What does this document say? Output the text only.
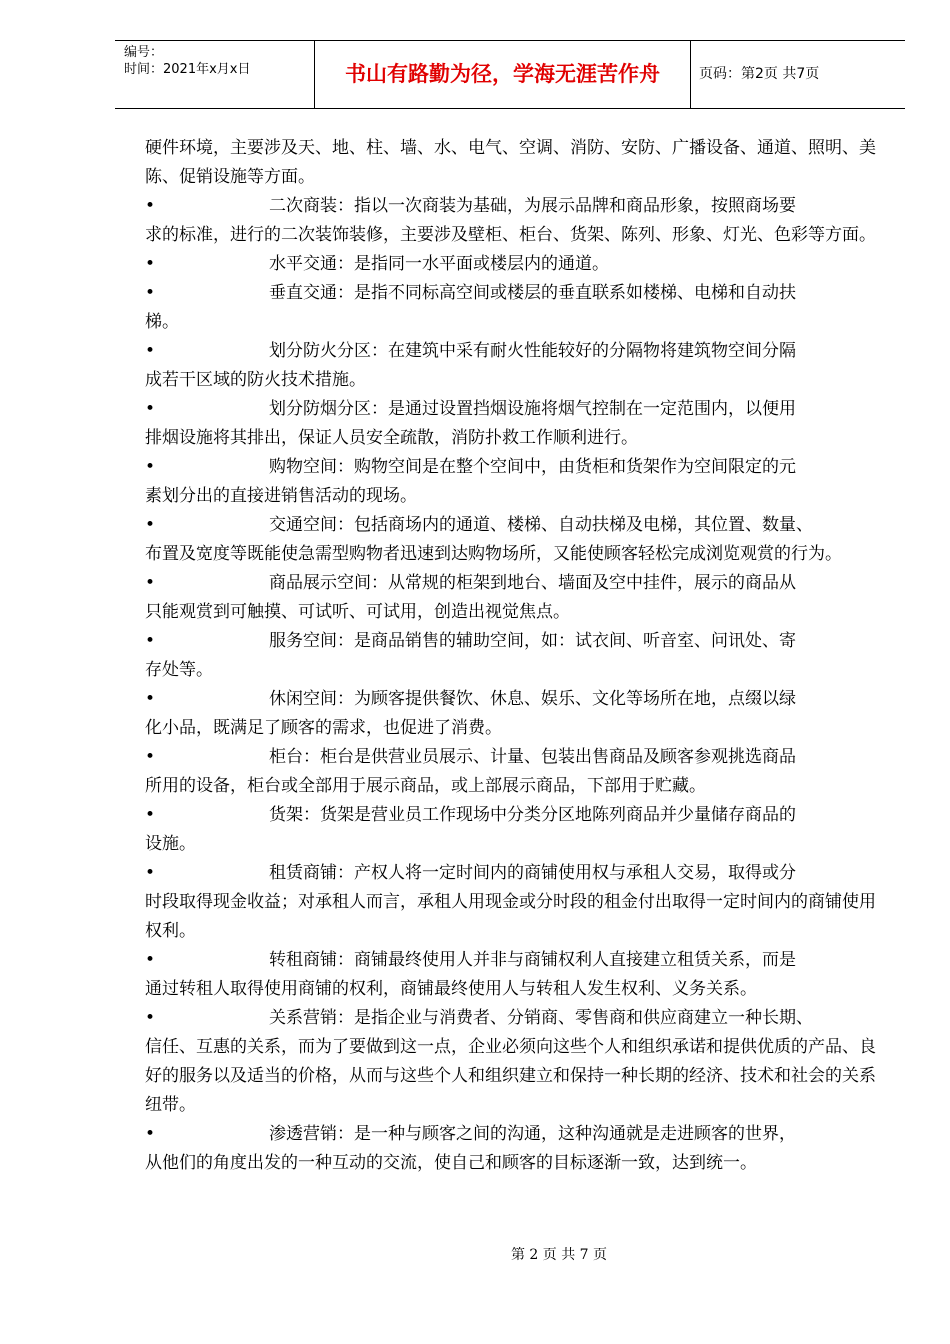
编号：
时间：2021年x月x日	书山有路勤为径，学海无涯苦作舟	页码：第2页 共7页
硬件环境，主要涉及天、地、柱、墙、水、电气、空调、消防、安防、广播设备、通道、照明、美陈、促销设施等方面。
•	二次商装：指以一次商装为基础，为展示品牌和商品形象，按照商场要
求的标准，进行的二次装饰装修，主要涉及壁柜、柜台、货架、陈列、形象、灯光、色彩等方面。
•	水平交通：是指同一水平面或楼层内的通道。
•	垂直交通：是指不同标高空间或楼层的垂直联系如楼梯、电梯和自动扶
梯。
•	划分防火分区：在建筑中采有耐火性能较好的分隔物将建筑物空间分隔
成若干区域的防火技术措施。
•	划分防烟分区：是通过设置挡烟设施将烟气控制在一定范围内，以便用
排烟设施将其排出，保证人员安全疏散，消防扑救工作顺利进行。
•	购物空间：购物空间是在整个空间中，由货柜和货架作为空间限定的元
素划分出的直接进销售活动的现场。
•	交通空间：包括商场内的通道、楼梯、自动扶梯及电梯，其位置、数量、
布置及宽度等既能使急需型购物者迅速到达购物场所，又能使顾客轻松完成浏览观赏的行为。
•	商品展示空间：从常规的柜架到地台、墙面及空中挂件，展示的商品从
只能观赏到可触摸、可试听、可试用，创造出视觉焦点。
•	服务空间：是商品销售的辅助空间，如：试衣间、听音室、问讯处、寄
存处等。
•	休闲空间：为顾客提供餐饮、休息、娱乐、文化等场所在地，点缀以绿
化小品，既满足了顾客的需求，也促进了消费。
•	柜台：柜台是供营业员展示、计量、包装出售商品及顾客参观挑选商品
所用的设备，柜台或全部用于展示商品，或上部展示商品，下部用于贮藏。
•	货架：货架是营业员工作现场中分类分区地陈列商品并少量储存商品的
设施。
•	租赁商铺：产权人将一定时间内的商铺使用权与承租人交易，取得或分
时段取得现金收益；对承租人而言，承租人用现金或分时段的租金付出取得一定时间内的商铺使用权利。
•	转租商铺：商铺最终使用人并非与商铺权利人直接建立租赁关系，而是
通过转租人取得使用商铺的权利，商铺最终使用人与转租人发生权利、义务关系。
•	关系营销：是指企业与消费者、分销商、零售商和供应商建立一种长期、
信任、互惠的关系，而为了要做到这一点，企业必须向这些个人和组织承诺和提供优质的产品、良好的服务以及适当的价格，从而与这些个人和组织建立和保持一种长期的经济、技术和社会的关系纽带。
•	渗透营销：是一种与顾客之间的沟通，这种沟通就是走进顾客的世界，
从他们的角度出发的一种互动的交流，使自己和顾客的目标逐渐一致，达到统一。
第 2 页 共 7 页
